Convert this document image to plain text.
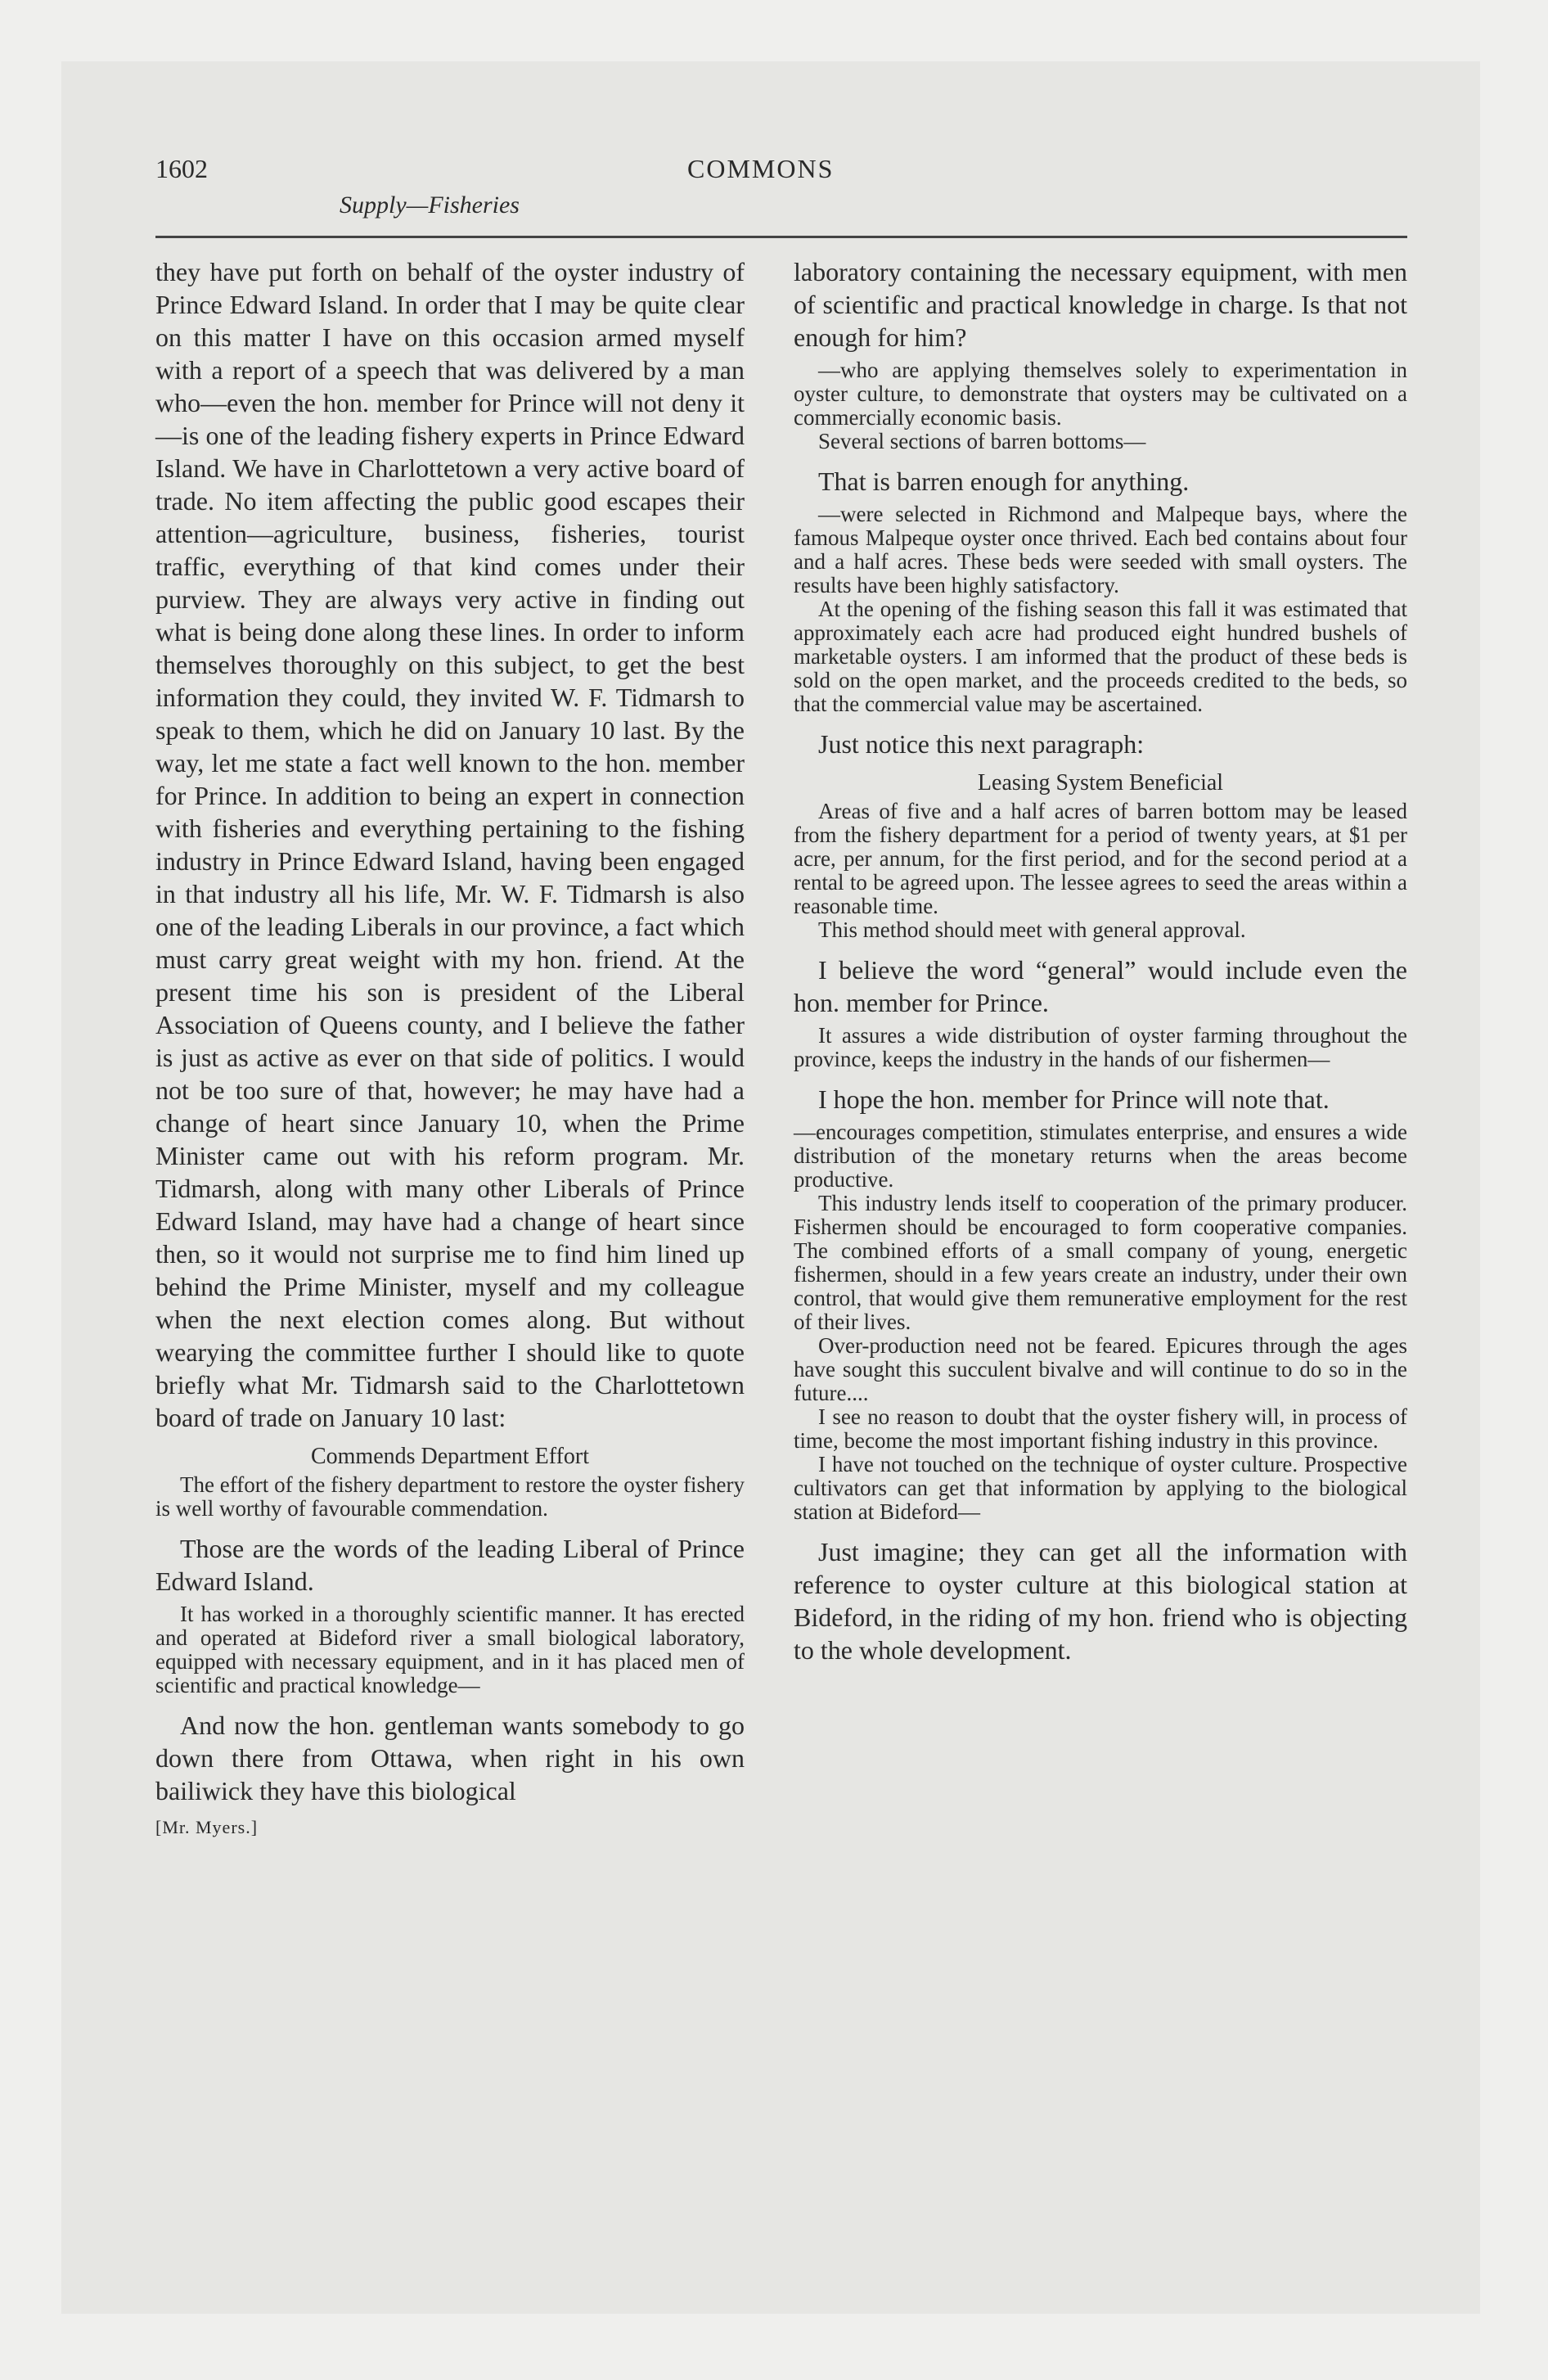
1602	COMMONS
Supply—Fisheries

they have put forth on behalf of the oyster industry of Prince Edward Island. In order that I may be quite clear on this matter I have on this occasion armed myself with a report of a speech that was delivered by a man who—even the hon. member for Prince will not deny it—is one of the leading fishery experts in Prince Edward Island. We have in Charlottetown a very active board of trade. No item affecting the public good escapes their attention—agriculture, business, fisheries, tourist traffic, everything of that kind comes under their purview. They are always very active in finding out what is being done along these lines. In order to inform themselves thoroughly on this subject, to get the best information they could, they invited W. F. Tidmarsh to speak to them, which he did on January 10 last. By the way, let me state a fact well known to the hon. member for Prince. In addition to being an expert in connection with fisheries and everything pertaining to the fishing industry in Prince Edward Island, having been engaged in that industry all his life, Mr. W. F. Tidmarsh is also one of the leading Liberals in our province, a fact which must carry great weight with my hon. friend. At the present time his son is president of the Liberal Association of Queens county, and I believe the father is just as active as ever on that side of politics. I would not be too sure of that, however; he may have had a change of heart since January 10, when the Prime Minister came out with his reform program. Mr. Tidmarsh, along with many other Liberals of Prince Edward Island, may have had a change of heart since then, so it would not surprise me to find him lined up behind the Prime Minister, myself and my colleague when the next election comes along. But without wearying the committee further I should like to quote briefly what Mr. Tidmarsh said to the Charlottetown board of trade on January 10 last:

Commends Department Effort

The effort of the fishery department to restore the oyster fishery is well worthy of favourable commendation.

Those are the words of the leading Liberal of Prince Edward Island.

It has worked in a thoroughly scientific manner. It has erected and operated at Bideford river a small biological laboratory, equipped with necessary equipment, and in it has placed men of scientific and practical knowledge—

And now the hon. gentleman wants somebody to go down there from Ottawa, when right in his own bailiwick they have this biological

[Mr. Myers.]

laboratory containing the necessary equipment, with men of scientific and practical knowledge in charge. Is that not enough for him?

—who are applying themselves solely to experimentation in oyster culture, to demonstrate that oysters may be cultivated on a commercially economic basis.

Several sections of barren bottoms—

That is barren enough for anything.

—were selected in Richmond and Malpeque bays, where the famous Malpeque oyster once thrived. Each bed contains about four and a half acres. These beds were seeded with small oysters. The results have been highly satisfactory.

At the opening of the fishing season this fall it was estimated that approximately each acre had produced eight hundred bushels of marketable oysters. I am informed that the product of these beds is sold on the open market, and the proceeds credited to the beds, so that the commercial value may be ascertained.

Just notice this next paragraph:

Leasing System Beneficial

Areas of five and a half acres of barren bottom may be leased from the fishery department for a period of twenty years, at $1 per acre, per annum, for the first period, and for the second period at a rental to be agreed upon. The lessee agrees to seed the areas within a reasonable time.

This method should meet with general approval.

I believe the word “general” would include even the hon. member for Prince.

It assures a wide distribution of oyster farming throughout the province, keeps the industry in the hands of our fishermen—

I hope the hon. member for Prince will note that.

—encourages competition, stimulates enterprise, and ensures a wide distribution of the monetary returns when the areas become productive.

This industry lends itself to cooperation of the primary producer. Fishermen should be encouraged to form cooperative companies. The combined efforts of a small company of young, energetic fishermen, should in a few years create an industry, under their own control, that would give them remunerative employment for the rest of their lives.

Over-production need not be feared. Epicures through the ages have sought this succulent bivalve and will continue to do so in the future....

I see no reason to doubt that the oyster fishery will, in process of time, become the most important fishing industry in this province.

I have not touched on the technique of oyster culture. Prospective cultivators can get that information by applying to the biological station at Bideford—

Just imagine; they can get all the information with reference to oyster culture at this biological station at Bideford, in the riding of my hon. friend who is objecting to the whole development.
